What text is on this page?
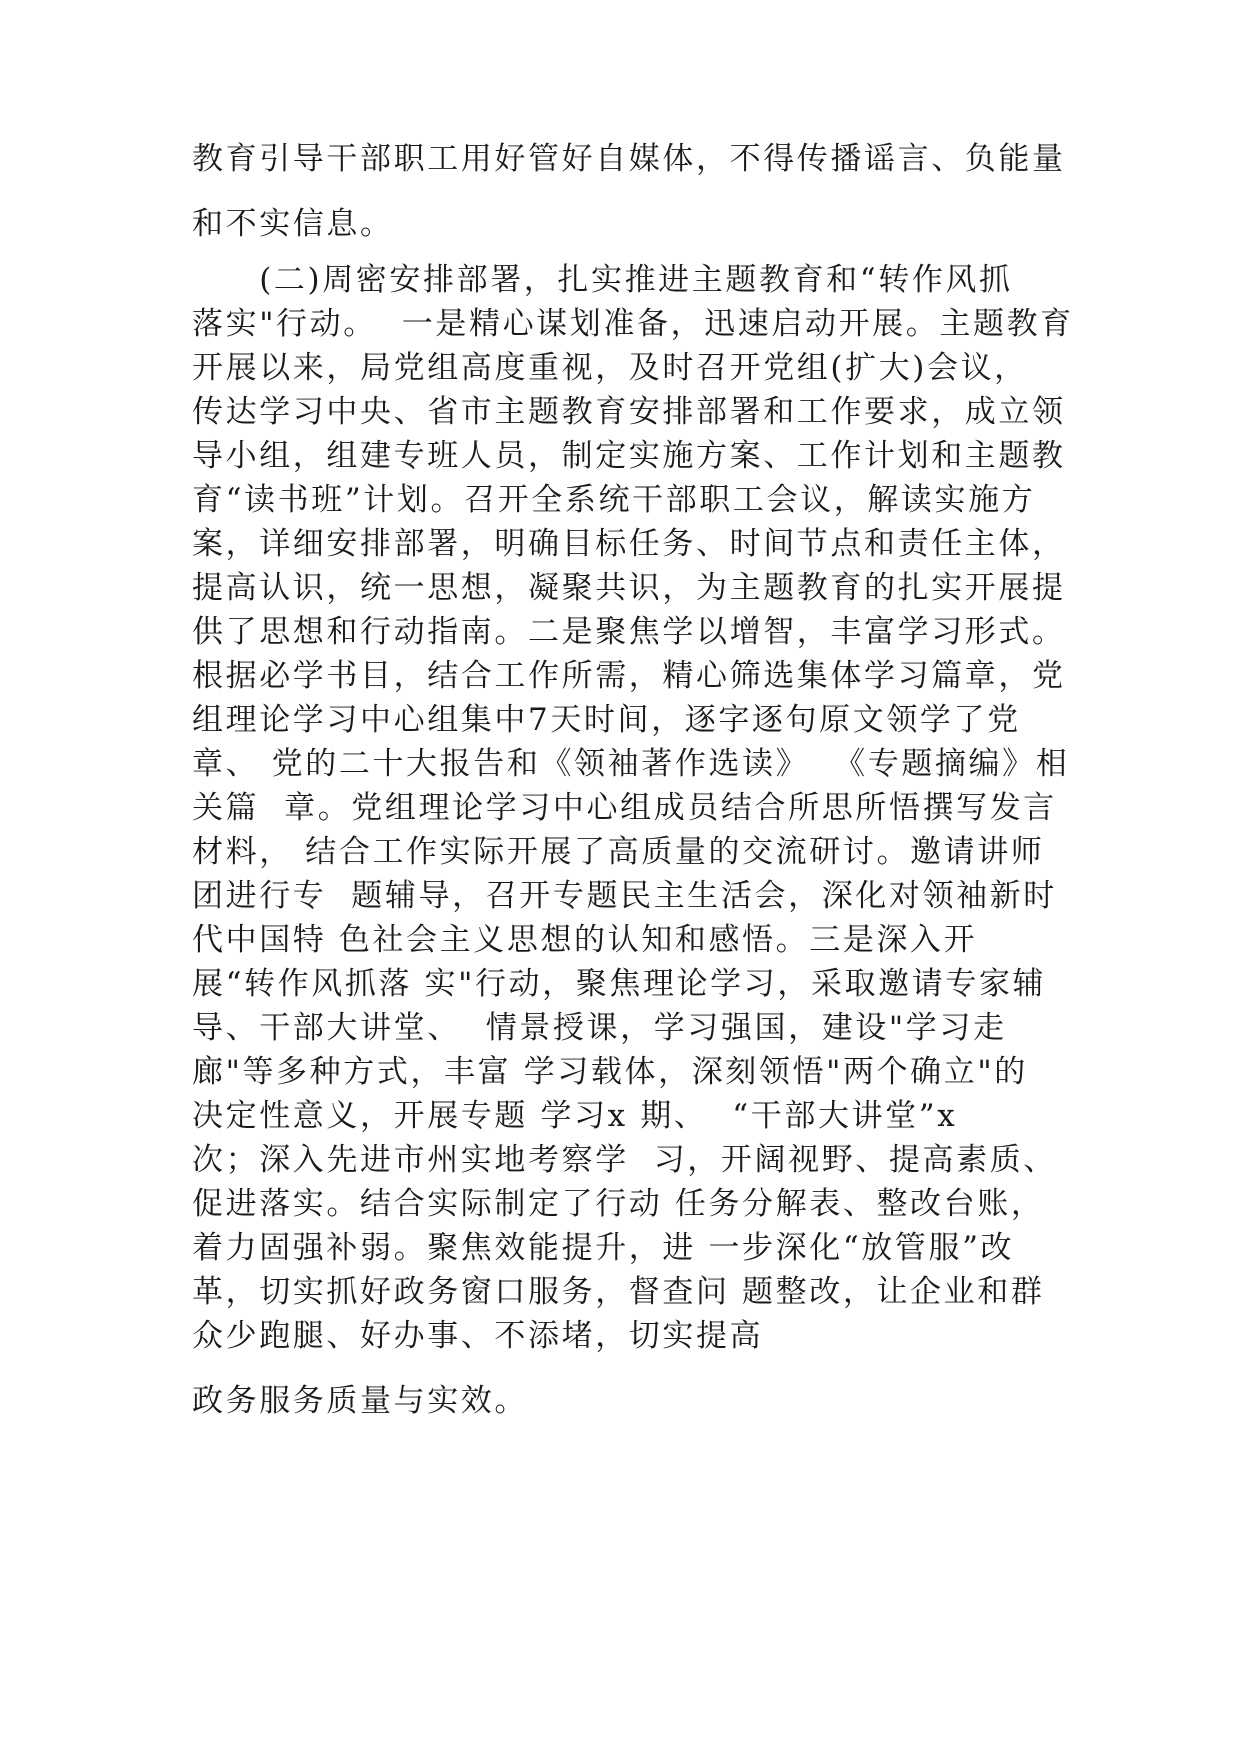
教育引导干部职工用好管好自媒体，不得传播谣言、负能量
和不实信息。
　　(二)周密安排部署，扎实推进主题教育和“转作风抓
落实"行动。  一是精心谋划准备，迅速启动开展。主题教育
开展以来，局党组高度重视，及时召开党组(扩大)会议，
传达学习中央、省市主题教育安排部署和工作要求，成立领
导小组，组建专班人员，制定实施方案、工作计划和主题教
育“读书班”计划。召开全系统干部职工会议，解读实施方
案，详细安排部署，明确目标任务、时间节点和责任主体，
提高认识，统一思想，凝聚共识，为主题教育的扎实开展提
供了思想和行动指南。二是聚焦学以增智，丰富学习形式。
根据必学书目，结合工作所需，精心筛选集体学习篇章，党
组理论学习中心组集中7天时间，逐字逐句原文领学了党
章、 党的二十大报告和《领袖著作选读》  《专题摘编》相
关篇  章。党组理论学习中心组成员结合所思所悟撰写发言
材料， 结合工作实际开展了高质量的交流研讨。邀请讲师
团进行专  题辅导，召开专题民主生活会，深化对领袖新时
代中国特 色社会主义思想的认知和感悟。三是深入开
展“转作风抓落 实"行动，聚焦理论学习，采取邀请专家辅
导、干部大讲堂、  情景授课，学习强国，建设"学习走
廊"等多种方式，丰富 学习载体，深刻领悟"两个确立"的
决定性意义，开展专题 学习x 期、  “干部大讲堂”x
次；深入先进市州实地考察学  习，开阔视野、提高素质、
促进落实。结合实际制定了行动 任务分解表、整改台账，
着力固强补弱。聚焦效能提升，进 一步深化“放管服”改
革，切实抓好政务窗口服务，督查问 题整改，让企业和群
众少跑腿、好办事、不添堵，切实提高
政务服务质量与实效。
